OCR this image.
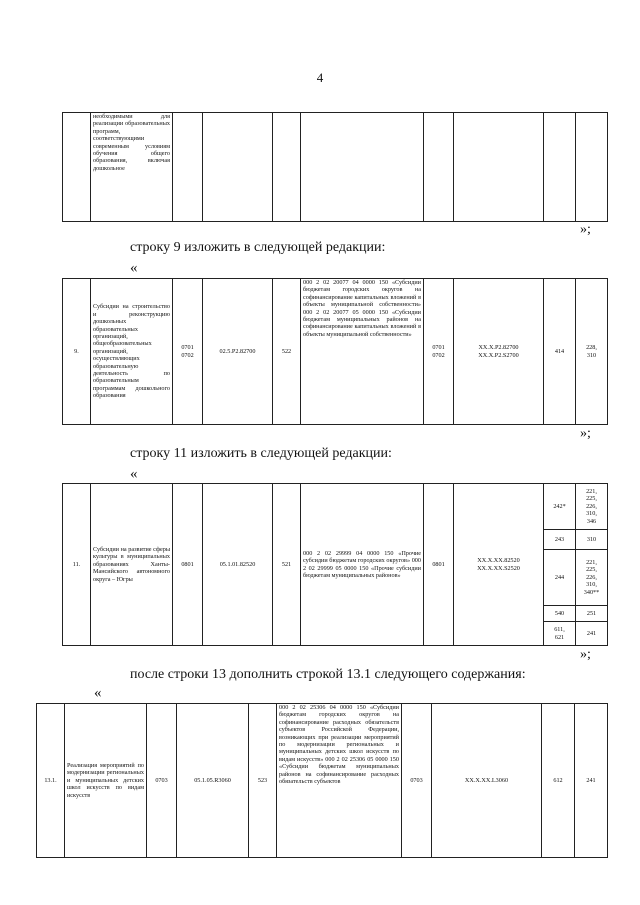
4
	необходимыми для реализации образовательных программ, соответствующими современным условиям обучения общего образования, включая дошкольное								
»;
строку 9 изложить в следующей редакции:
«
9.	Субсидии на строительство и реконструкцию дошкольных образовательных организаций, общеобразовательных организаций, осуществляющих образовательную деятельность по образовательным программам дошкольного образования	0701
0702	02.5.P2.82700	522	000 2 02 20077 04 0000 150 «Субсидии бюджетам городских округов на софинансирование капитальных вложений в объекты муниципальной собственности» 000 2 02 20077 05 0000 150 «Субсидии бюджетам муниципальных районов на софинансирование капитальных вложений в объекты муниципальной собственности»	0701
0702	XX.X.P2.82700
XX.X.P2.S2700	414	228,
310
»;
строку 11 изложить в следующей редакции:
«
11.	Субсидии на развитие сферы культуры в муниципальных образованиях Ханты-Мансийского автономного округа – Югры	0801	05.1.01.82520	521	000 2 02 29999 04 0000 150 «Прочие субсидии бюджетам городских округов» 000 2 02 29999 05 0000 150 «Прочие субсидии бюджетам муниципальных районов»	0801	XX.X.XX.82520
XX.X.XX.S2520	242*	221,
225,
226,
310,
346
								243	310
								244	221,
225,
226,
310,
340**
								540	251
								611,
621	241
»;
после строки 13 дополнить строкой 13.1 следующего содержания:
«
13.1.	Реализация мероприятий по модернизации региональных и муниципальных детских школ искусств по видам искусств	0703	05.1.05.R3060	523	000 2 02 25306 04 0000 150 «Субсидии бюджетам городских округов на софинансирование расходных обязательств субъектов Российской Федерации, возникающих при реализации мероприятий по модернизации региональных и муниципальных детских школ искусств по видам искусств» 000 2 02 25306 05 0000 150 «Субсидии бюджетам муниципальных районов на софинансирование расходных обязательств субъектов	0703	XX.X.XX.L3060	612	241
